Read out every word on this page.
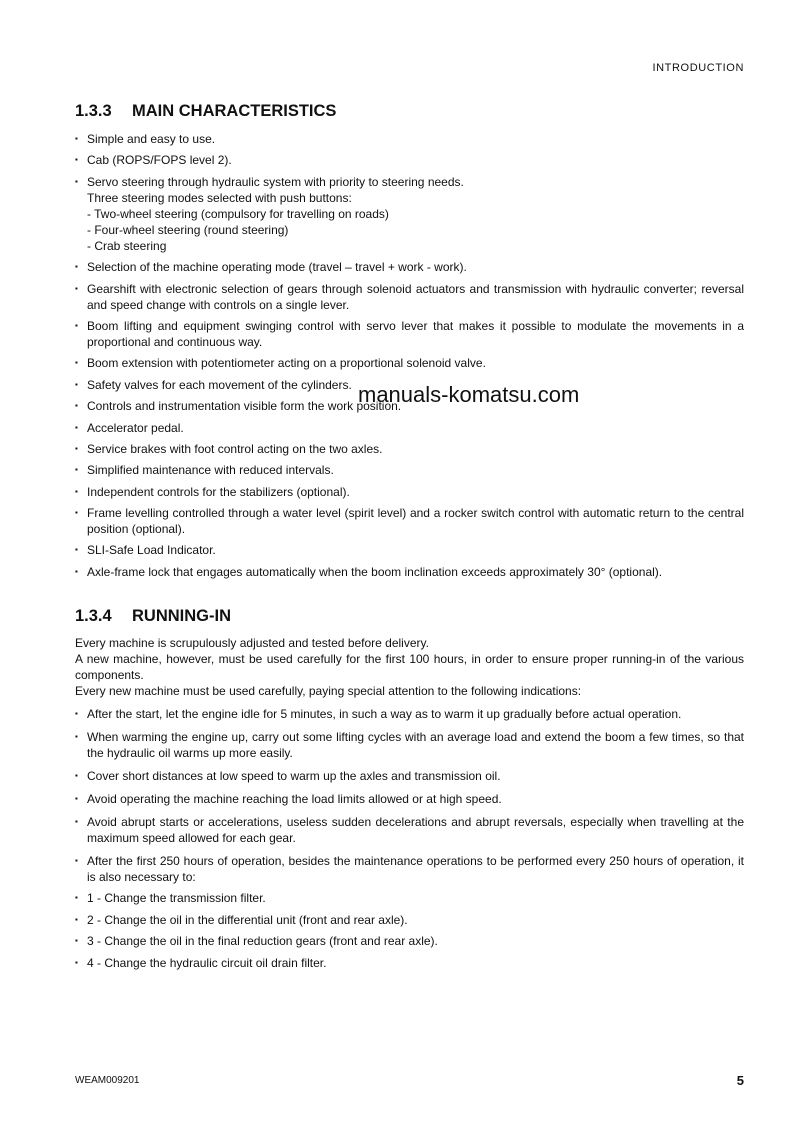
INTRODUCTION
1.3.3 MAIN CHARACTERISTICS
▪ Simple and easy to use.
▪ Cab (ROPS/FOPS level 2).
▪ Servo steering through hydraulic system with priority to steering needs.
Three steering modes selected with push buttons:
- Two-wheel steering (compulsory for travelling on roads)
- Four-wheel steering (round steering)
- Crab steering
▪ Selection of the machine operating mode (travel – travel + work - work).
▪ Gearshift with electronic selection of gears through solenoid actuators and transmission with hydraulic converter; reversal and speed change with controls on a single lever.
▪ Boom lifting and equipment swinging control with servo lever that makes it possible to modulate the movements in a proportional and continuous way.
▪ Boom extension with potentiometer acting on a proportional solenoid valve.
▪ Safety valves for each movement of the cylinders.
▪ Controls and instrumentation visible form the work position.
▪ Accelerator pedal.
▪ Service brakes with foot control acting on the two axles.
▪ Simplified maintenance with reduced intervals.
▪ Independent controls for the stabilizers (optional).
▪ Frame levelling controlled through a water level (spirit level) and a rocker switch control with automatic return to the central position (optional).
▪ SLI-Safe Load Indicator.
▪ Axle-frame lock that engages automatically when the boom inclination exceeds approximately 30° (optional).
1.3.4 RUNNING-IN

Every machine is scrupulously adjusted and tested before delivery.

A new machine, however, must be used carefully for the first 100 hours, in order to ensure proper running-in of the various components.

Every new machine must be used carefully, paying special attention to the following indications:

▪ After the start, let the engine idle for 5 minutes, in such a way as to warm it up gradually before actual operation.
▪ When warming the engine up, carry out some lifting cycles with an average load and extend the boom a few times, so that the hydraulic oil warms up more easily.
▪ Cover short distances at low speed to warm up the axles and transmission oil.
▪ Avoid operating the machine reaching the load limits allowed or at high speed.
▪ Avoid abrupt starts or accelerations, useless sudden decelerations and abrupt reversals, especially when travelling at the maximum speed allowed for each gear.
▪ After the first 250 hours of operation, besides the maintenance operations to be performed every 250 hours of operation, it is also necessary to:
▪ 1 - Change the transmission filter.
▪ 2 - Change the oil in the differential unit (front and rear axle).
▪ 3 - Change the oil in the final reduction gears (front and rear axle).
▪ 4 - Change the hydraulic circuit oil drain filter.
manuals-komatsu.com
WEAM009201	5
